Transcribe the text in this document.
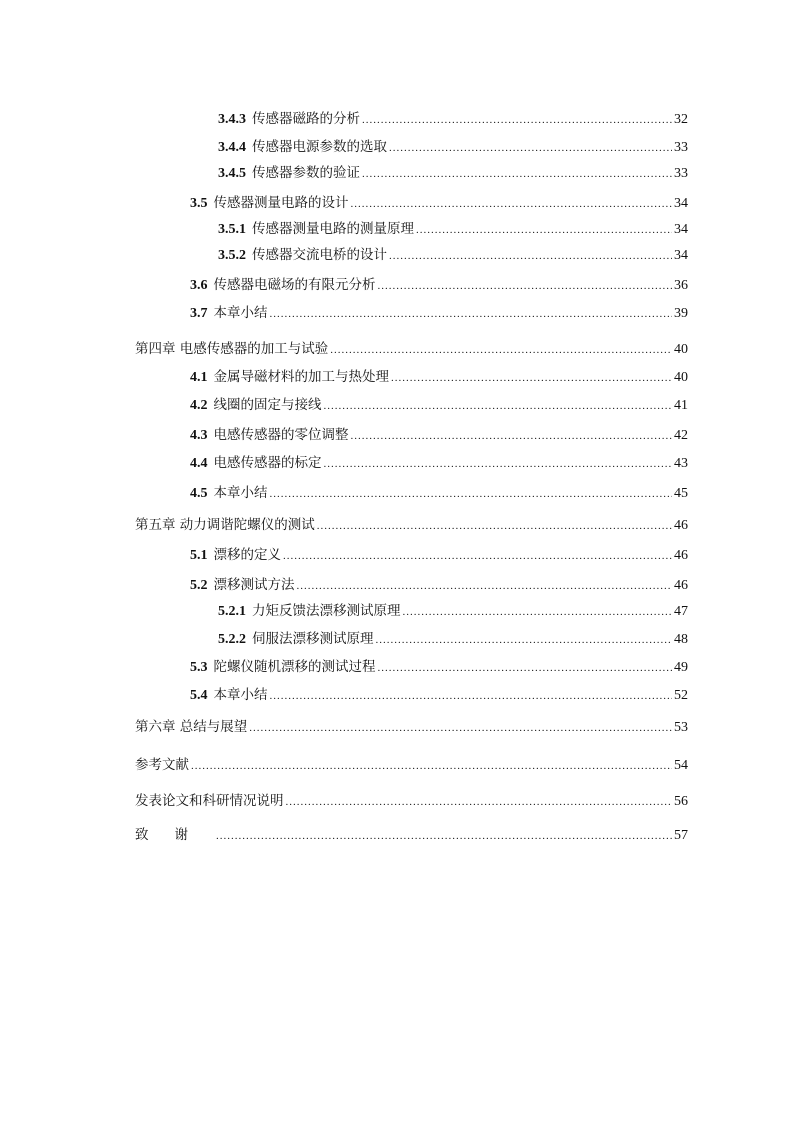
3.4.3 传感器磁路的分析 .....	32
3.4.4 传感器电源参数的选取 .....	33
3.4.5 传感器参数的验证 .....	33
3.5 传感器测量电路的设计 .....	34
3.5.1 传感器测量电路的测量原理 .....	34
3.5.2 传感器交流电桥的设计 .....	34
3.6 传感器电磁场的有限元分析 .....	36
3.7 本章小结 .....	39
第四章 电感传感器的加工与试验 .....	40
4.1 金属导磁材料的加工与热处理 .....	40
4.2 线圈的固定与接线 .....	41
4.3 电感传感器的零位调整 .....	42
4.4 电感传感器的标定 .....	43
4.5 本章小结 .....	45
第五章 动力调谐陀螺仪的测试 .....	46
5.1 漂移的定义 .....	46
5.2 漂移测试方法 .....	46
5.2.1 力矩反馈法漂移测试原理 .....	47
5.2.2 伺服法漂移测试原理 .....	48
5.3 陀螺仪随机漂移的测试过程 .....	49
5.4 本章小结 .....	52
第六章 总结与展望 .....	53
参考文献 .....	54
发表论文和科研情况说明 .....	56
致谢 .....	57
